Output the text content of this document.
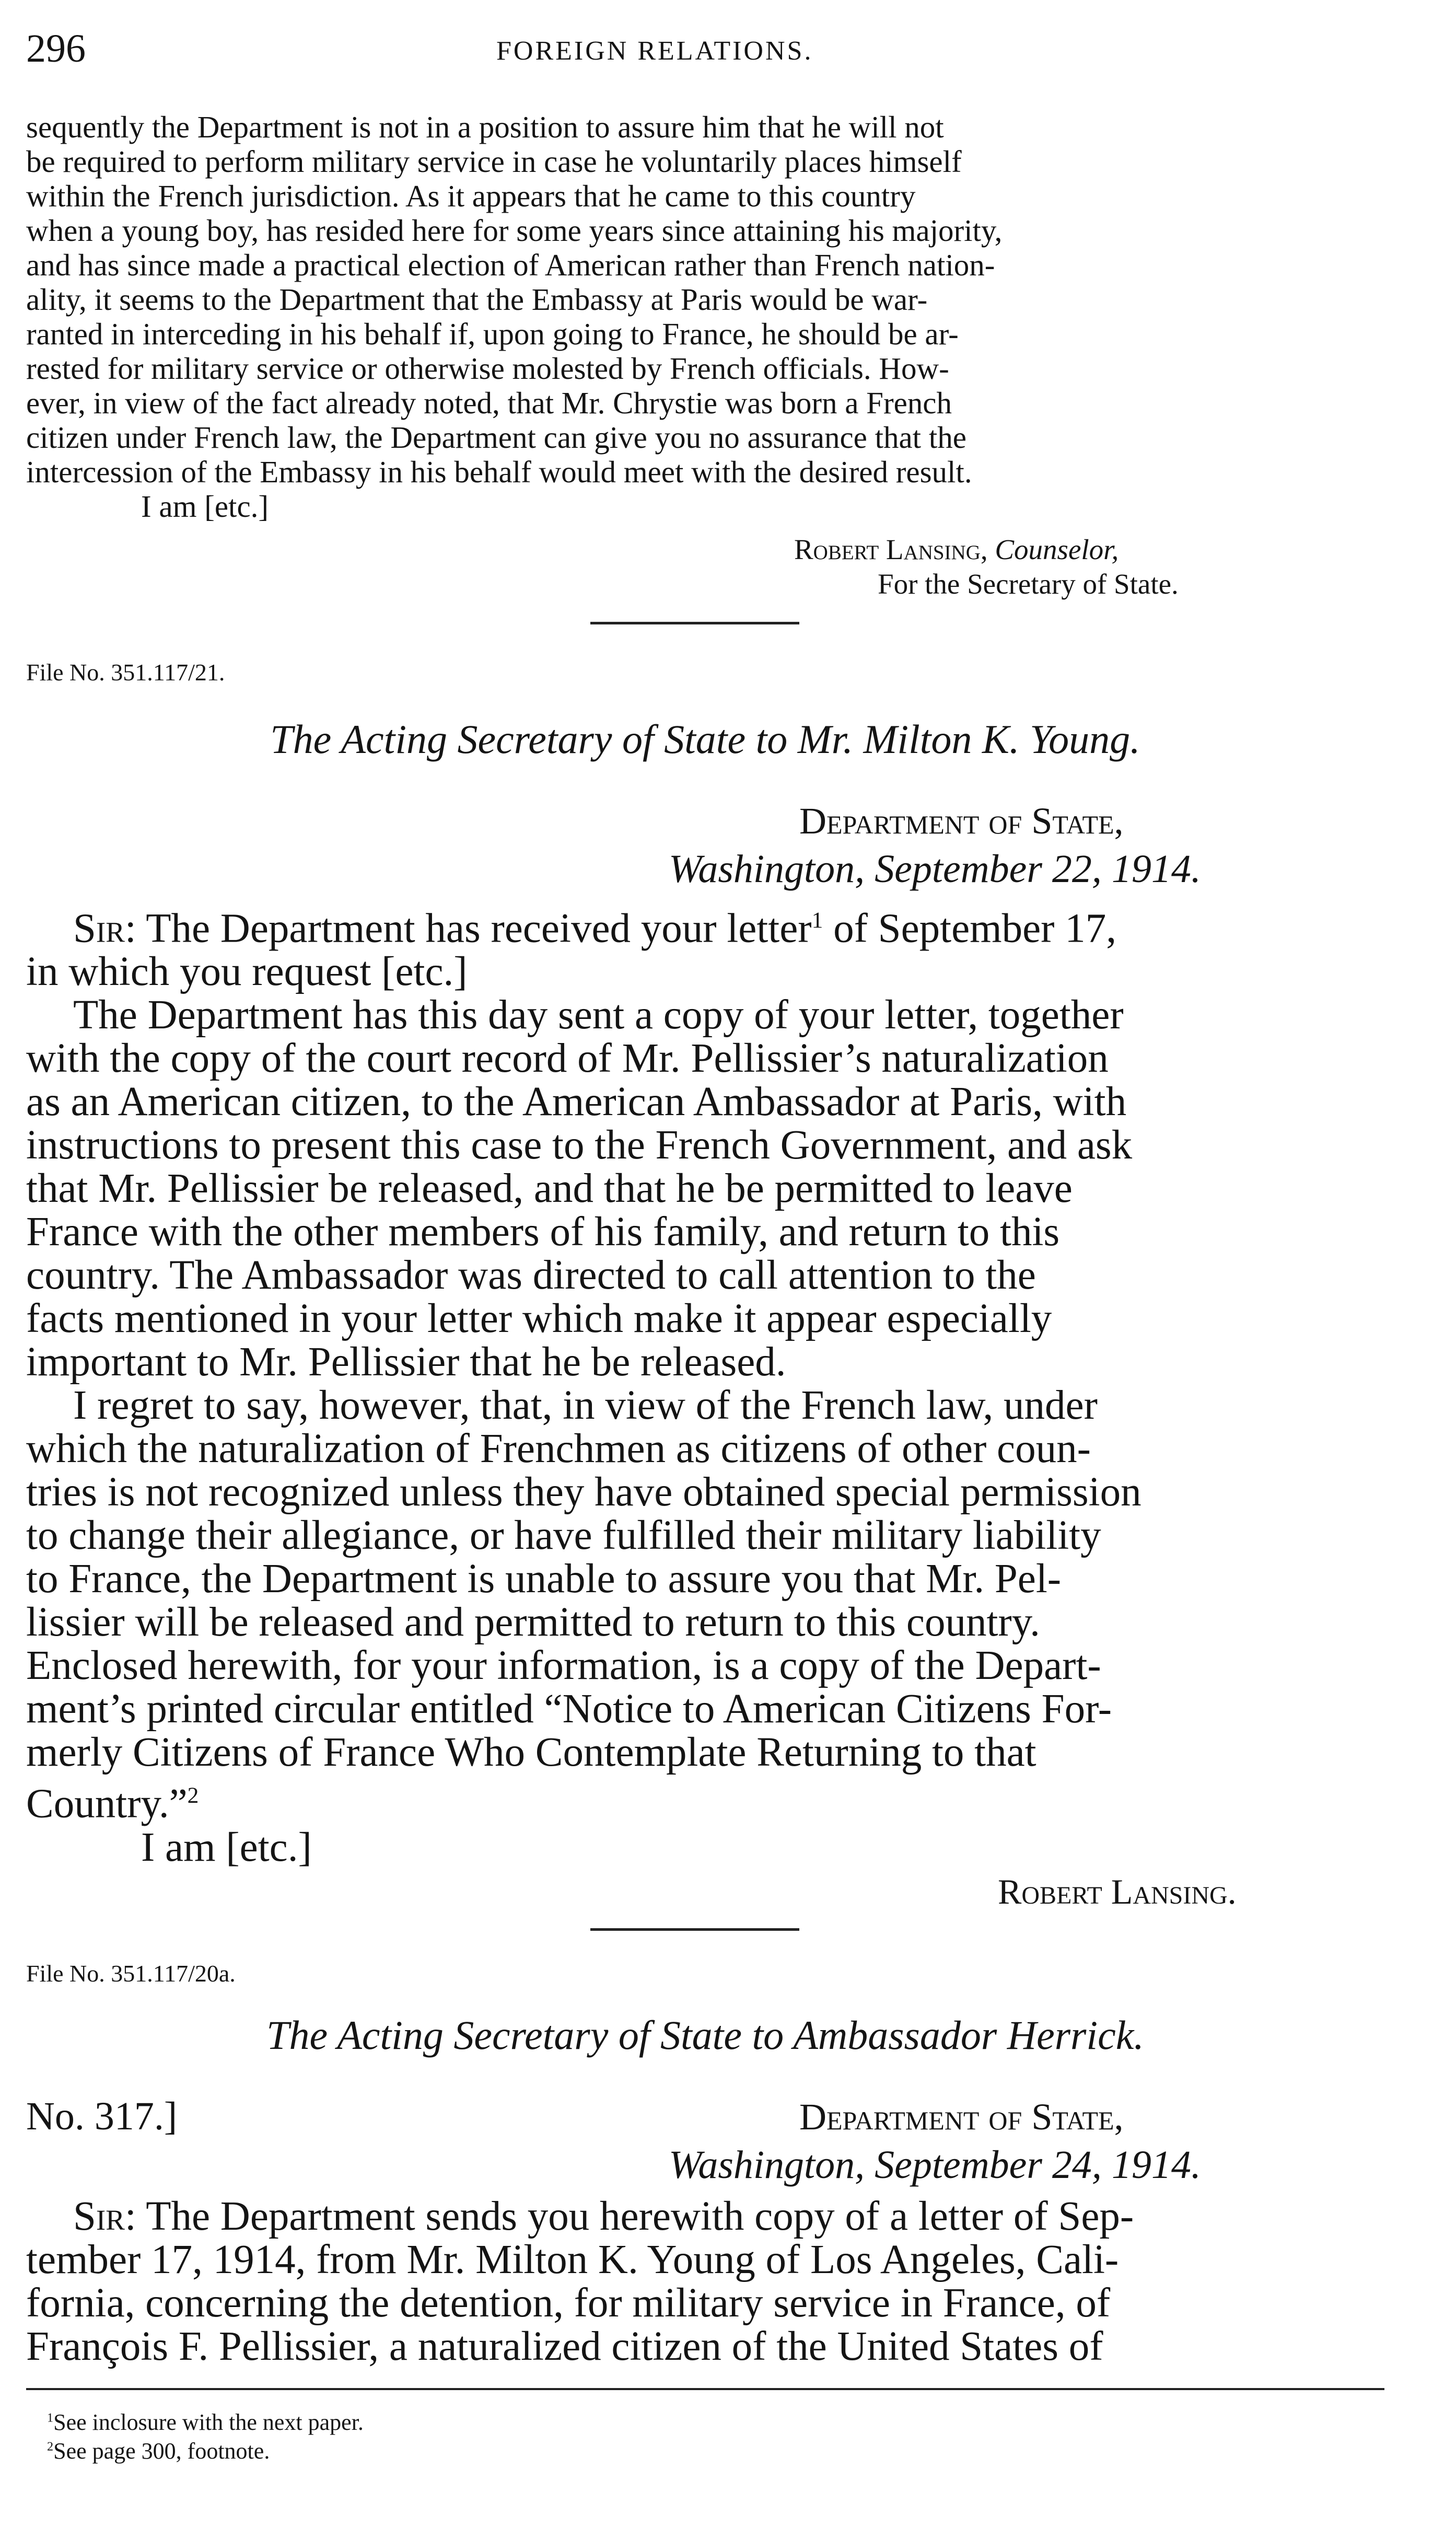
296	FOREIGN RELATIONS.
sequently the Department is not in a position to assure him that he will not
be required to perform military service in case he voluntarily places himself
within the French jurisdiction. As it appears that he came to this country
when a young boy, has resided here for some years since attaining his majority,
and has since made a practical election of American rather than French nation-
ality, it seems to the Department that the Embassy at Paris would be war-
ranted in interceding in his behalf if, upon going to France, he should be ar-
rested for military service or otherwise molested by French officials. How-
ever, in view of the fact already noted, that Mr. Chrystie was born a French
citizen under French law, the Department can give you no assurance that the
intercession of the Embassy in his behalf would meet with the desired result.
I am [etc.]
Robert Lansing, Counselor,
For the Secretary of State.
File No. 351.117/21.
The Acting Secretary of State to Mr. Milton K. Young.
Department of State,
Washington, September 22, 1914.
Sir: The Department has received your letter$^1$ of September 17,
in which you request [etc.]
The Department has this day sent a copy of your letter, together
with the copy of the court record of Mr. Pellissier’s naturalization
as an American citizen, to the American Ambassador at Paris, with
instructions to present this case to the French Government, and ask
that Mr. Pellissier be released, and that he be permitted to leave
France with the other members of his family, and return to this
country. The Ambassador was directed to call attention to the
facts mentioned in your letter which make it appear especially
important to Mr. Pellissier that he be released.
I regret to say, however, that, in view of the French law, under
which the naturalization of Frenchmen as citizens of other coun-
tries is not recognized unless they have obtained special permission
to change their allegiance, or have fulfilled their military liability
to France, the Department is unable to assure you that Mr. Pel-
lissier will be released and permitted to return to this country.
Enclosed herewith, for your information, is a copy of the Depart-
ment’s printed circular entitled “Notice to American Citizens For-
merly Citizens of France Who Contemplate Returning to that
Country.”$^2$
I am [etc.]
Robert Lansing.
File No. 351.117/20a.
The Acting Secretary of State to Ambassador Herrick.
No. 317.]	Department of State,
Washington, September 24, 1914.
Sir: The Department sends you herewith copy of a letter of Sep-
tember 17, 1914, from Mr. Milton K. Young of Los Angeles, Cali-
fornia, concerning the detention, for military service in France, of
François F. Pellissier, a naturalized citizen of the United States of
$^1$See inclosure with the next paper.
$^2$See page 300, footnote.
